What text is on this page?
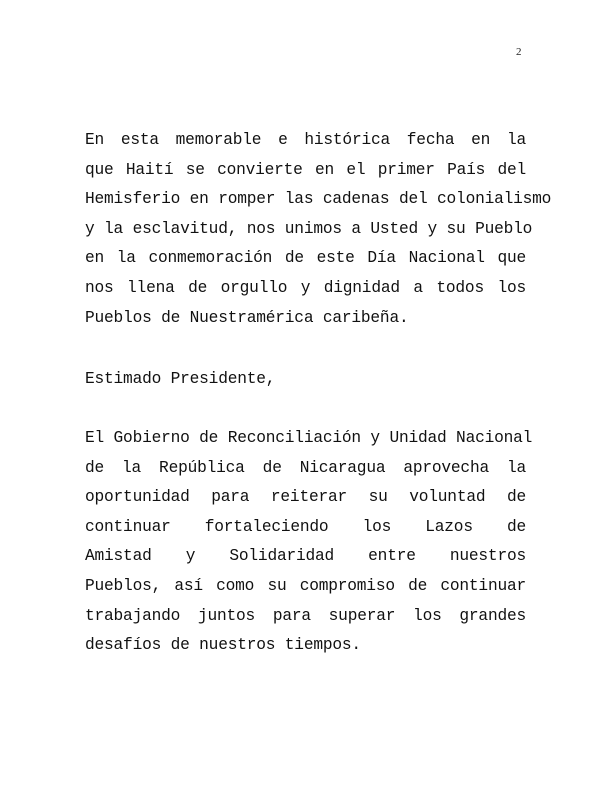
2
En esta memorable e histórica fecha en la
que Haití se convierte en el primer País del
Hemisferio en romper las cadenas del colonialismo
y la esclavitud, nos unimos a Usted y su Pueblo
en la conmemoración de este Día Nacional que
nos llena de orgullo y dignidad a todos los
Pueblos de Nuestramérica caribeña.
Estimado Presidente,
El Gobierno de Reconciliación y Unidad Nacional
de la República de Nicaragua aprovecha la
oportunidad para reiterar su voluntad de
continuar fortaleciendo los Lazos de
Amistad y Solidaridad entre nuestros
Pueblos, así como su compromiso de continuar
trabajando juntos para superar los grandes
desafíos de nuestros tiempos.
